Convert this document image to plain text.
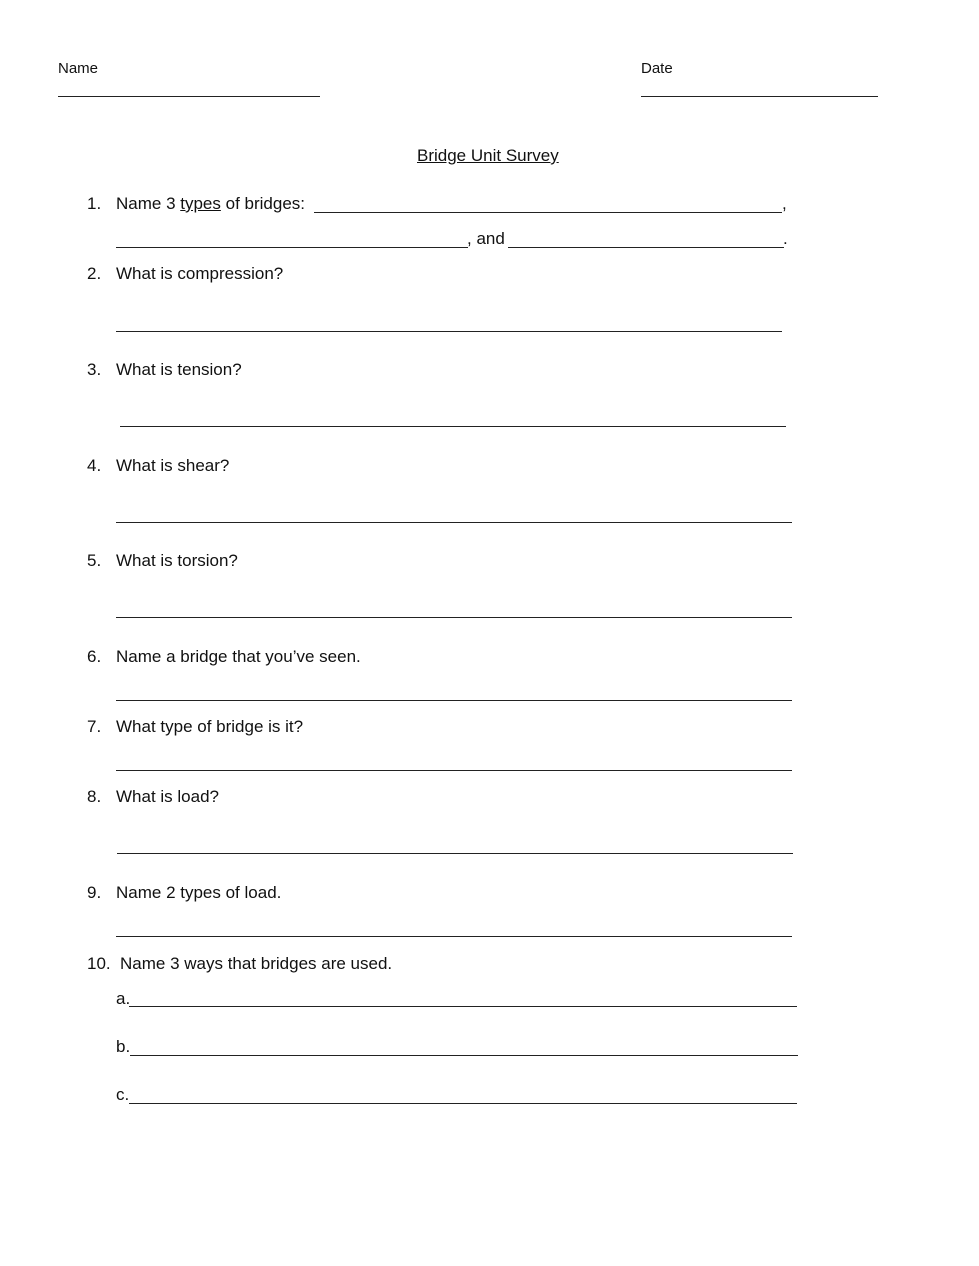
Name	Date
Bridge Unit Survey
1. Name 3 types of bridges:	,
, and	.
2. What is compression?
3. What is tension?
4. What is shear?
5. What is torsion?
6. Name a bridge that you’ve seen.
7. What type of bridge is it?
8. What is load?
9. Name 2 types of load.
10. Name 3 ways that bridges are used.
a.
b.
c.
